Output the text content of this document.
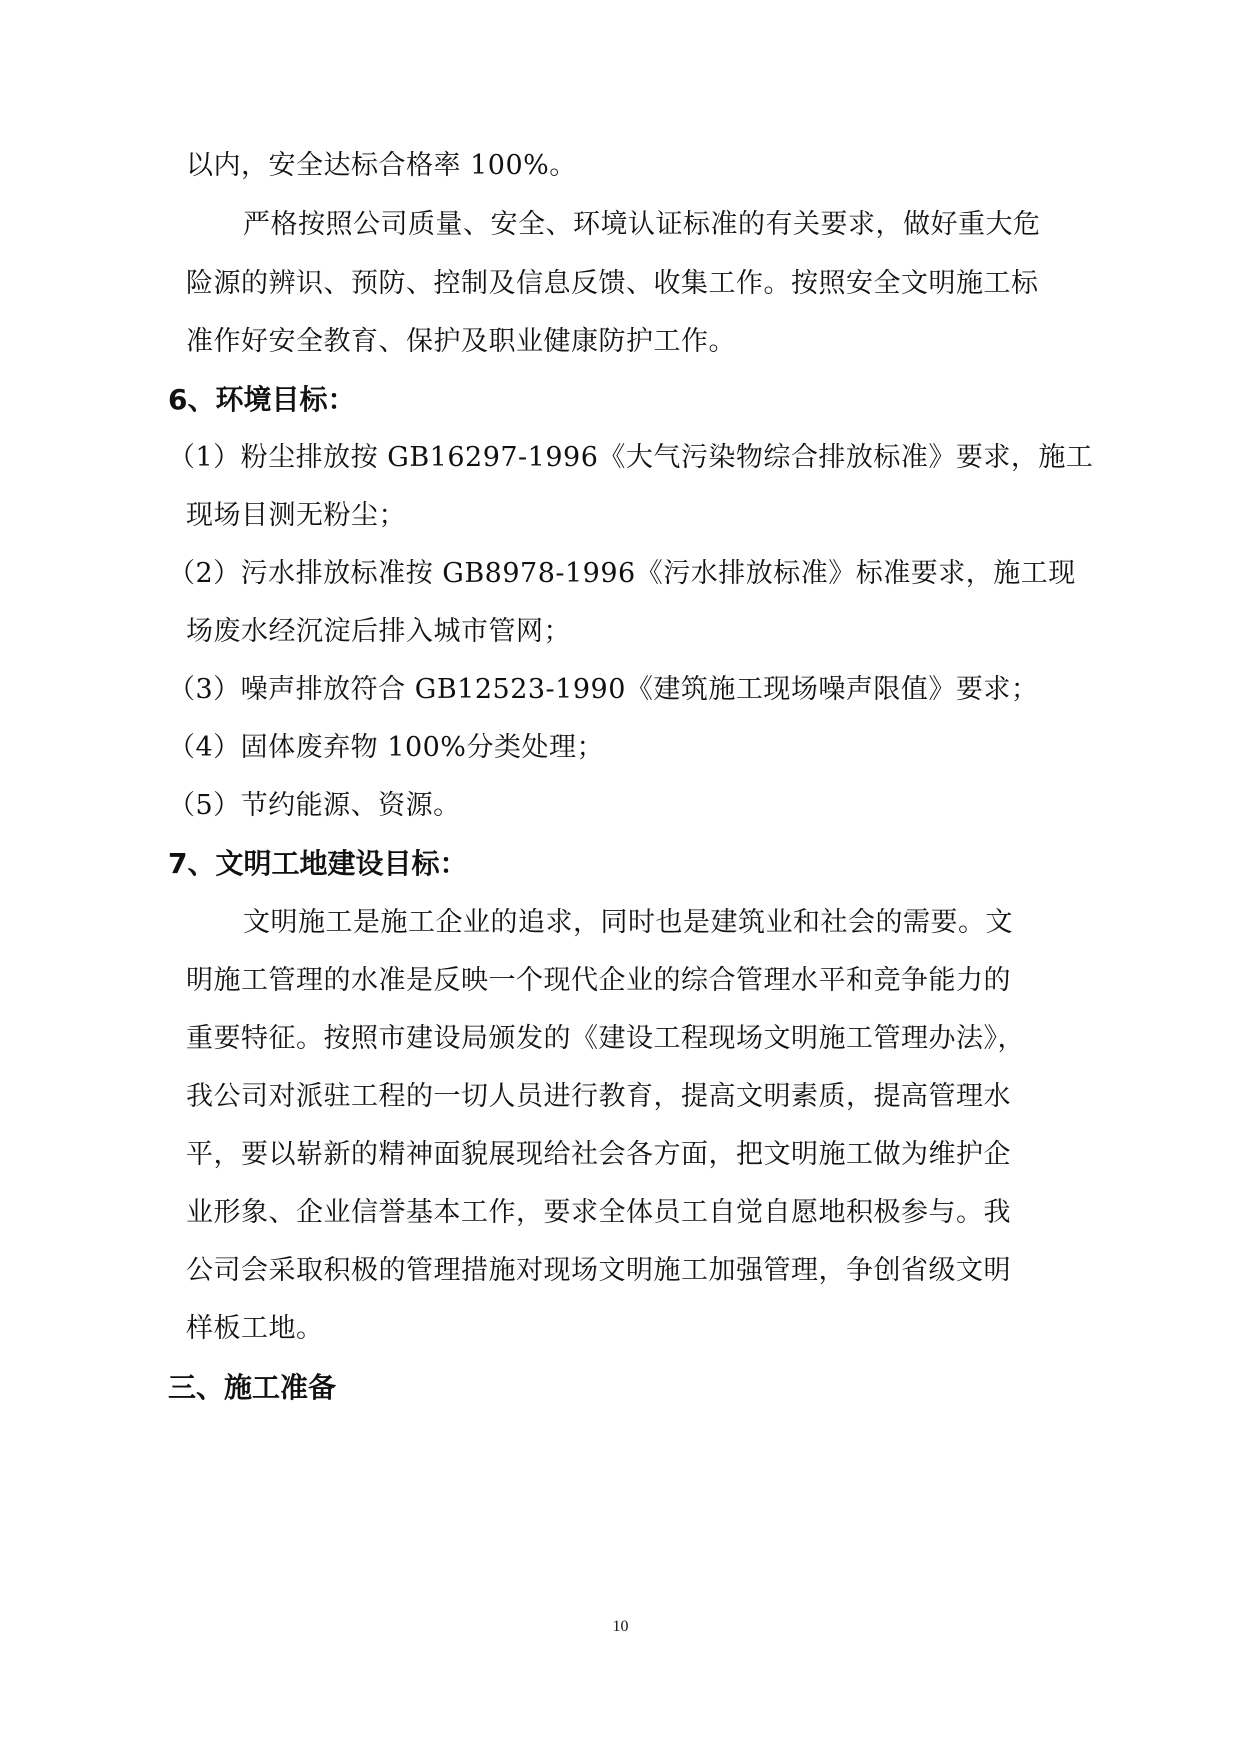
以内，安全达标合格率 100%。
严格按照公司质量、安全、环境认证标准的有关要求，做好重大危
险源的辨识、预防、控制及信息反馈、收集工作。按照安全文明施工标
准作好安全教育、保护及职业健康防护工作。
6、环境目标：
（1）粉尘排放按 GB16297-1996《大气污染物综合排放标准》要求，施工
现场目测无粉尘；
（2）污水排放标准按 GB8978-1996《污水排放标准》标准要求，施工现
场废水经沉淀后排入城市管网；
（3）噪声排放符合 GB12523-1990《建筑施工现场噪声限值》要求；
（4）固体废弃物 100%分类处理；
（5）节约能源、资源。
7、文明工地建设目标：
文明施工是施工企业的追求，同时也是建筑业和社会的需要。文
明施工管理的水准是反映一个现代企业的综合管理水平和竞争能力的
重要特征。按照市建设局颁发的《建设工程现场文明施工管理办法》，
我公司对派驻工程的一切人员进行教育，提高文明素质，提高管理水
平，要以崭新的精神面貌展现给社会各方面，把文明施工做为维护企
业形象、企业信誉基本工作，要求全体员工自觉自愿地积极参与。我
公司会采取积极的管理措施对现场文明施工加强管理，争创省级文明
样板工地。
三、施工准备
10
